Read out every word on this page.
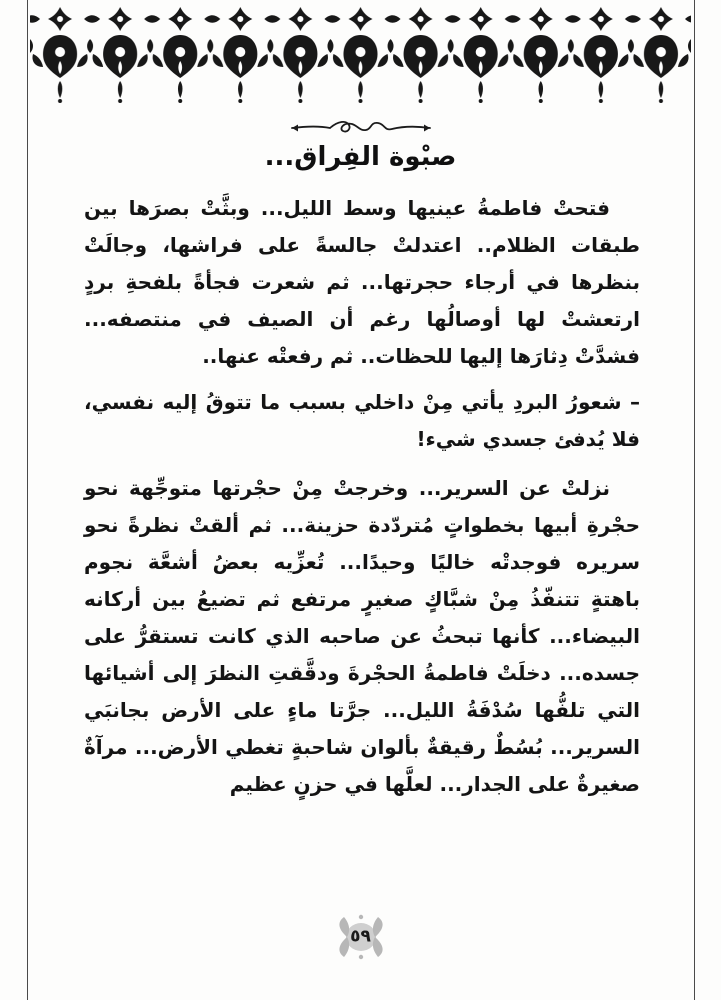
صبْوة الفِراق...

فتحتْ فاطمةُ عينيها وسط الليل... وبثَّتْ بصرَها بين طبقات الظلام.. اعتدلتْ جالسةً على فراشها، وجالَتْ بنظرها في أرجاء حجرتها... ثم شعرت فجأةً بلفحةِ بردٍ ارتعشتْ لها أوصالُها رغم أن الصيف في منتصفه... فشدَّتْ دِثارَها إليها للحظات.. ثم رفعتْه عنها..

– شعورُ البردِ يأتي مِنْ داخلي بسبب ما تتوقُ إليه نفسي، فلا يُدفئ جسدي شيء!

نزلتْ عن السرير... وخرجتْ مِنْ حجْرتها متوجِّهة نحو حجْرةِ أبيها بخطواتٍ مُتردّدة حزينة... ثم ألقتْ نظرةً نحو سريره فوجدتْه خاليًا وحيدًا... تُعزِّيه بعضُ أشعَّة نجوم باهتةٍ تتنفّذُ مِنْ شبَّاكٍ صغيرٍ مرتفع ثم تضيعُ بين أركانه البيضاء... كأنها تبحثُ عن صاحبه الذي كانت تستقرُّ على جسده... دخلَتْ فاطمةُ الحجْرةَ ودقَّقتِ النظرَ إلى أشيائها التي تلفُّها سُدْفَةُ الليل... جرَّتا ماءٍ على الأرض بجانبَي السرير... بُسُطٌ رقيقةٌ بألوان شاحبةٍ تغطي الأرض... مرآةٌ صغيرةٌ على الجدار... لعلَّها في حزنٍ عظيم

٥٩
